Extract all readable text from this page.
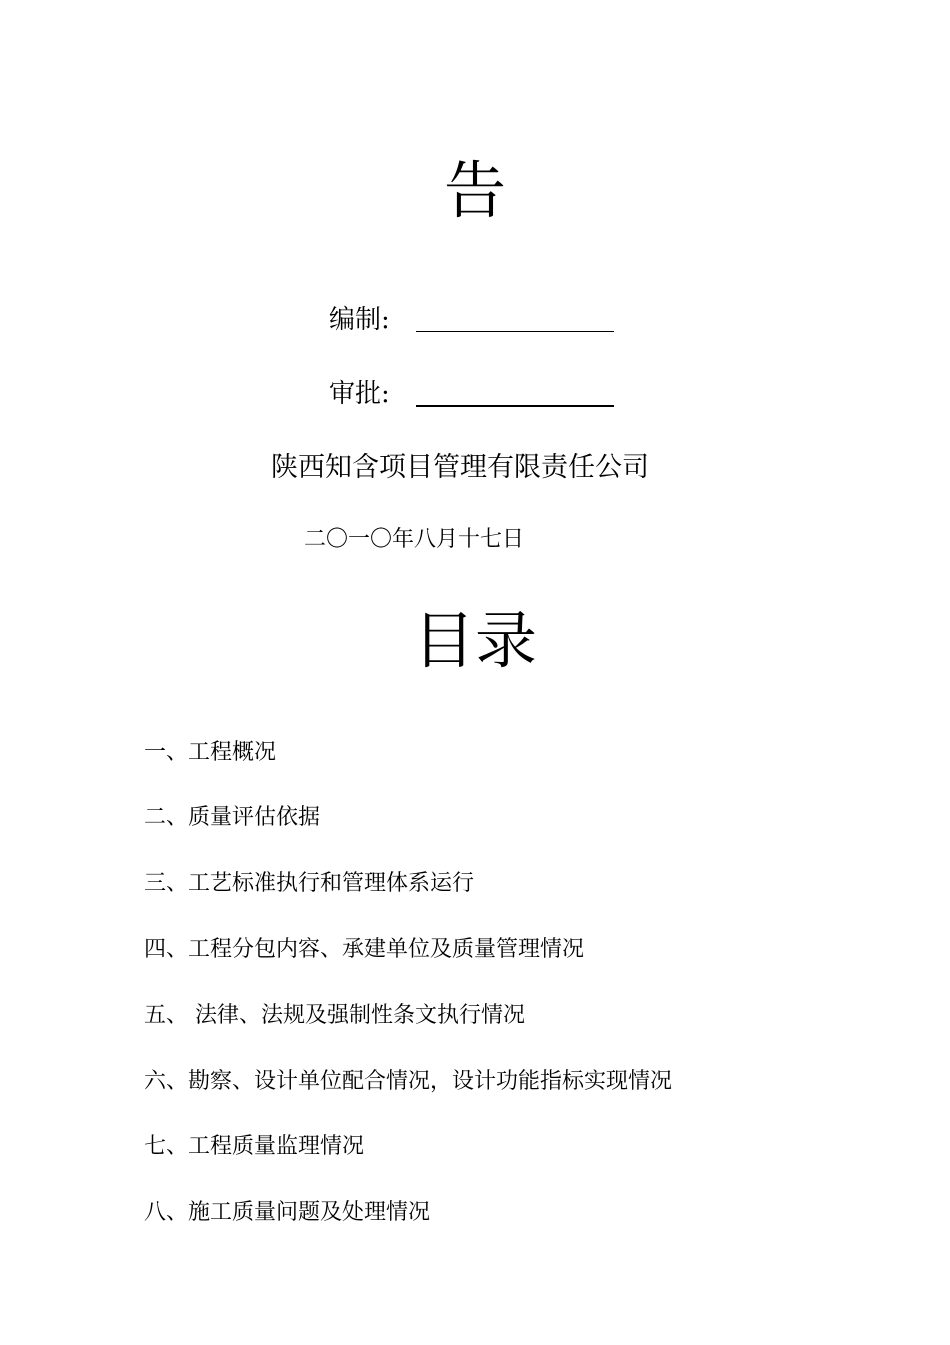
告
编制:
审批:
陕西知含项目管理有限责任公司
二〇一〇年八月十七日
目录
一、工程概况
二、质量评估依据
三、工艺标准执行和管理体系运行
四、工程分包内容、承建单位及质量管理情况
五、 法律、法规及强制性条文执行情况
六、勘察、设计单位配合情况，设计功能指标实现情况
七、工程质量监理情况
八、施工质量问题及处理情况
